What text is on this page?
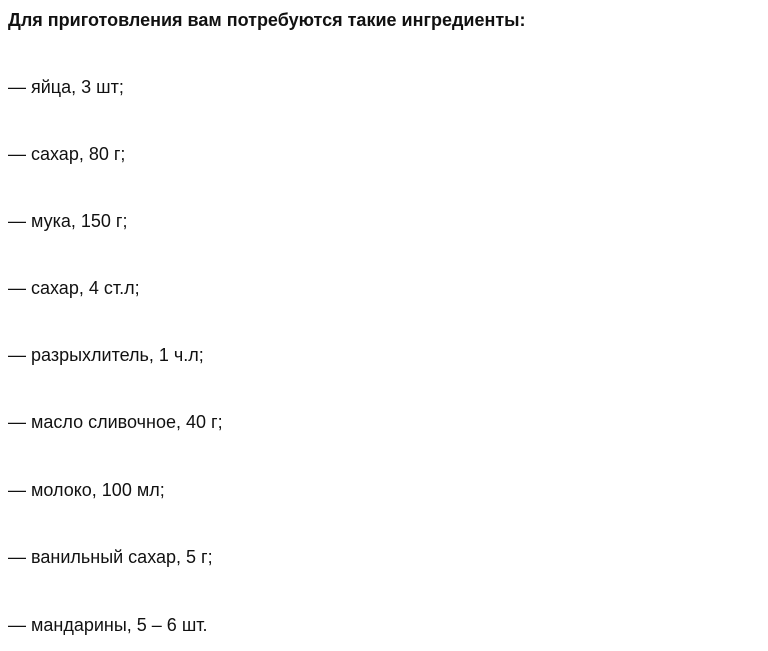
Для приготовления вам потребуются такие ингредиенты:

— яйца, 3 шт;
— сахар, 80 г;
— мука, 150 г;
— сахар, 4 ст.л;
— разрыхлитель, 1 ч.л;
— масло сливочное, 40 г;
— молоко, 100 мл;
— ванильный сахар, 5 г;
— мандарины, 5 – 6 шт.
